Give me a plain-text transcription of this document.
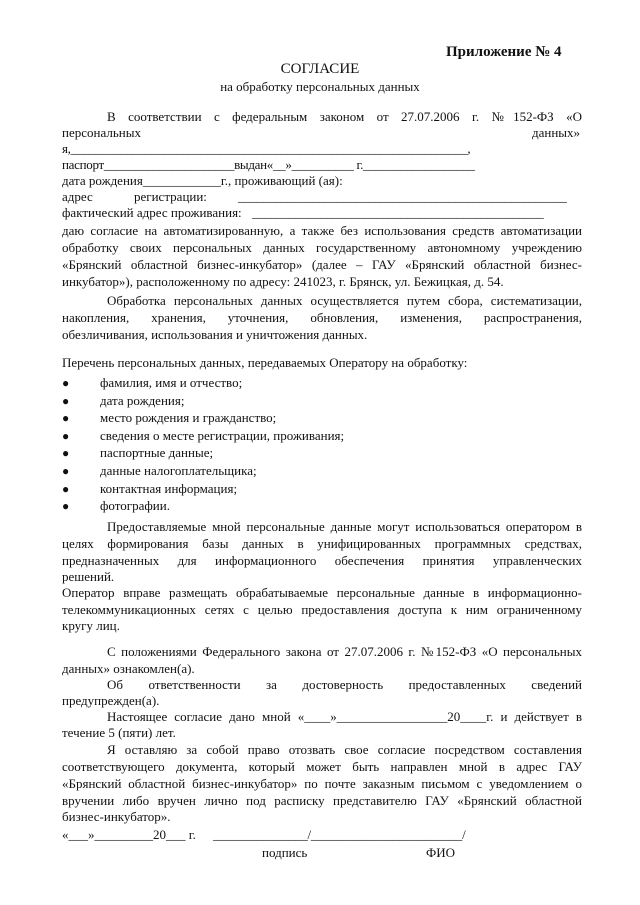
Приложение № 4
СОГЛАСИЕ
на обработку персональных данных
В соответствии с федеральным законом от 27.07.2006 г. №152-ФЗ «О
персональных	данных»
я,________________________________________________________________,
паспорт_____________________выдан«__»__________ г.__________________
дата рождения____________г., проживающий (ая):
адрес	регистрации: _____________________________________________________
фактический адрес проживания: _______________________________________________
даю согласие на автоматизированную, а также без использования средств автоматизации
обработку своих персональных данных государственному автономному учреждению
«Брянский областной бизнес-инкубатор» (далее – ГАУ «Брянский областной бизнес-
инкубатор»), расположенному по адресу: 241023, г. Брянск, ул. Бежицкая, д. 54.
Обработка персональных данных осуществляется путем сбора, систематизации,
накопления, хранения, уточнения, обновления, изменения, распространения,
обезличивания, использования и уничтожения данных.
Перечень персональных данных, передаваемых Оператору на обработку:
●	фамилия, имя и отчество;
●	дата рождения;
●	место рождения и гражданство;
●	сведения о месте регистрации, проживания;
●	паспортные данные;
●	данные налогоплательщика;
●	контактная информация;
●	фотографии.
Предоставляемые мной персональные данные могут использоваться оператором в
целях формирования базы данных в унифицированных программных средствах,
предназначенных для информационного обеспечения принятия управленческих
решений.
Оператор вправе размещать обрабатываемые персональные данные в информационно-
телекоммуникационных сетях с целью предоставления доступа к ним ограниченному
кругу лиц.
С положениями Федерального закона от 27.07.2006 г. №152-ФЗ «О персональных
данных» ознакомлен(а).
Об ответственности за достоверность предоставленных сведений
предупрежден(а).
Настоящее согласие дано мной «____»_________________20____г. и действует в
течение 5 (пяти) лет.
Я оставляю за собой право отозвать свое согласие посредством составления
соответствующего документа, который может быть направлен мной в адрес ГАУ
«Брянский областной бизнес-инкубатор» по почте заказным письмом с уведомлением о
вручении либо вручен лично под расписку представителю ГАУ «Брянский областной
бизнес-инкубатор».
«___»_________20___ г. _______________/________________________/
подпись	ФИО
